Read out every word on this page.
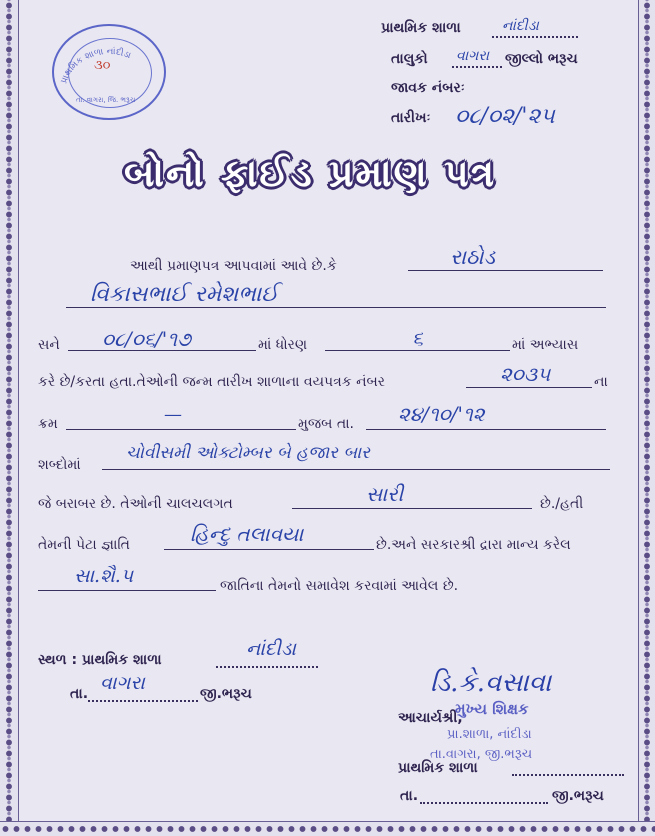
પ્રાથમિક શાળા નાંદીડા
૩૦
તા. વાગરા, જિ. ભરૂચ
પ્રાથમિક શાળા	નાંદીડા
તાલુકો વાગરા જીલ્લો ભરૂચ
જાવક નંબરઃ
તારીખઃ ૦૮/૦૨/'૨૫
બોનો ફાઈડ પ્રમાણ પત્ર
આથી પ્રમાણપત્ર આપવામાં આવે છે.કે	રાઠોડ
વિકાસભાઈ રમેશભાઈ
સને ૦૮/૦૬/'૧૭	માં ધોરણ	૬	માં અભ્યાસ
કરે છે/કરતા હતા.તેઓની જન્મ તારીખ શાળાના વયપત્રક નંબર	૨૦૩૫	ના
ક્રમ	—	મુજબ તા. ૨૪/૧૦/'૧૨
શબ્દોમાં
ચોવીસમી ઓક્ટોમ્બર બે હજાર બાર
જે બરાબર છે. તેઓની ચાલચલગત	સારી	છે./હતી
તેમની પેટા જ્ઞાતિ	હિન્દુ તલાવયા	છે.અને સરકારશ્રી દ્રારા માન્ય કરેલ
સા.શૈ.પ	જાતિના તેમનો સમાવેશ કરવામાં આવેલ છે.
સ્થળ : પ્રાથમિક શાળા	નાંદીડા
તા. વાગરા	જી.ભરૂચ	ડિ.કે.વસાવા
આચાર્યશ્રી,
મુખ્ય શિક્ષક
પ્રા.શાળા, નાંદીડા
તા.વાગરા, જી.ભરૂચ
પ્રાથમિક શાળા
તા.	જી.ભરૂચ
